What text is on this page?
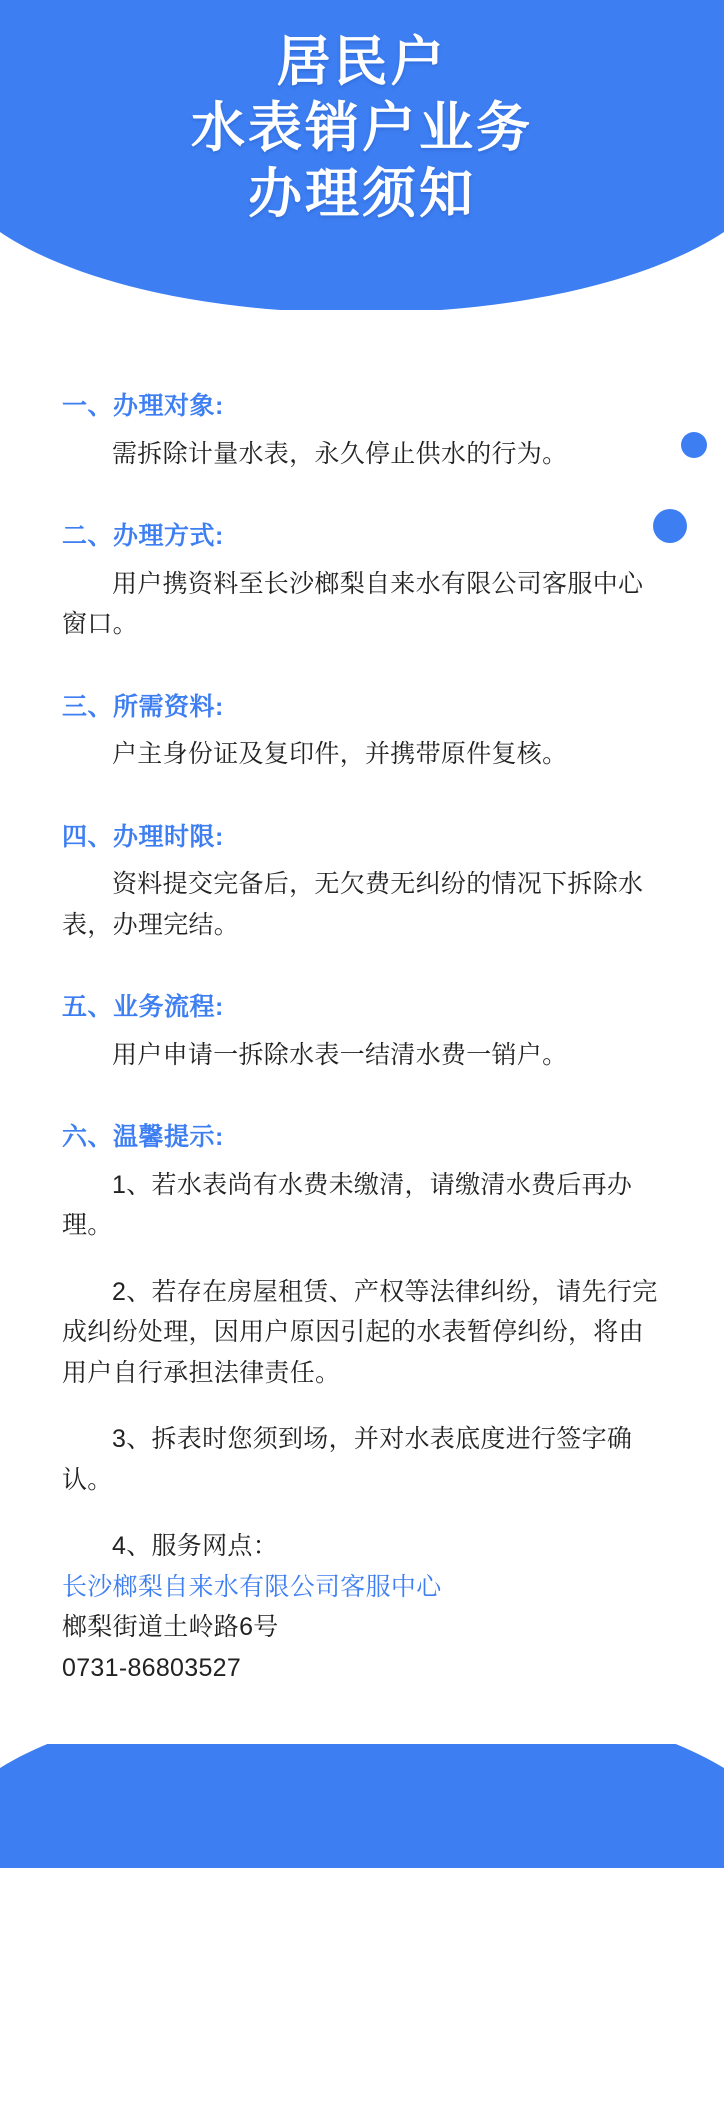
居民户
水表销户业务
办理须知
一、办理对象:
需拆除计量水表，永久停止供水的行为。
二、办理方式:
用户携资料至长沙榔梨自来水有限公司客服中心窗口。
三、所需资料:
户主身份证及复印件，并携带原件复核。
四、办理时限:
资料提交完备后，无欠费无纠纷的情况下拆除水表，办理完结。
五、业务流程:
用户申请一拆除水表一结清水费一销户。
六、温馨提示:
1、若水表尚有水费未缴清，请缴清水费后再办理。
2、若存在房屋租赁、产权等法律纠纷，请先行完成纠纷处理，因用户原因引起的水表暂停纠纷，将由用户自行承担法律责任。
3、拆表时您须到场，并对水表底度进行签字确认。
4、服务网点：
长沙榔梨自来水有限公司客服中心
榔梨街道土岭路6号
0731-86803527
